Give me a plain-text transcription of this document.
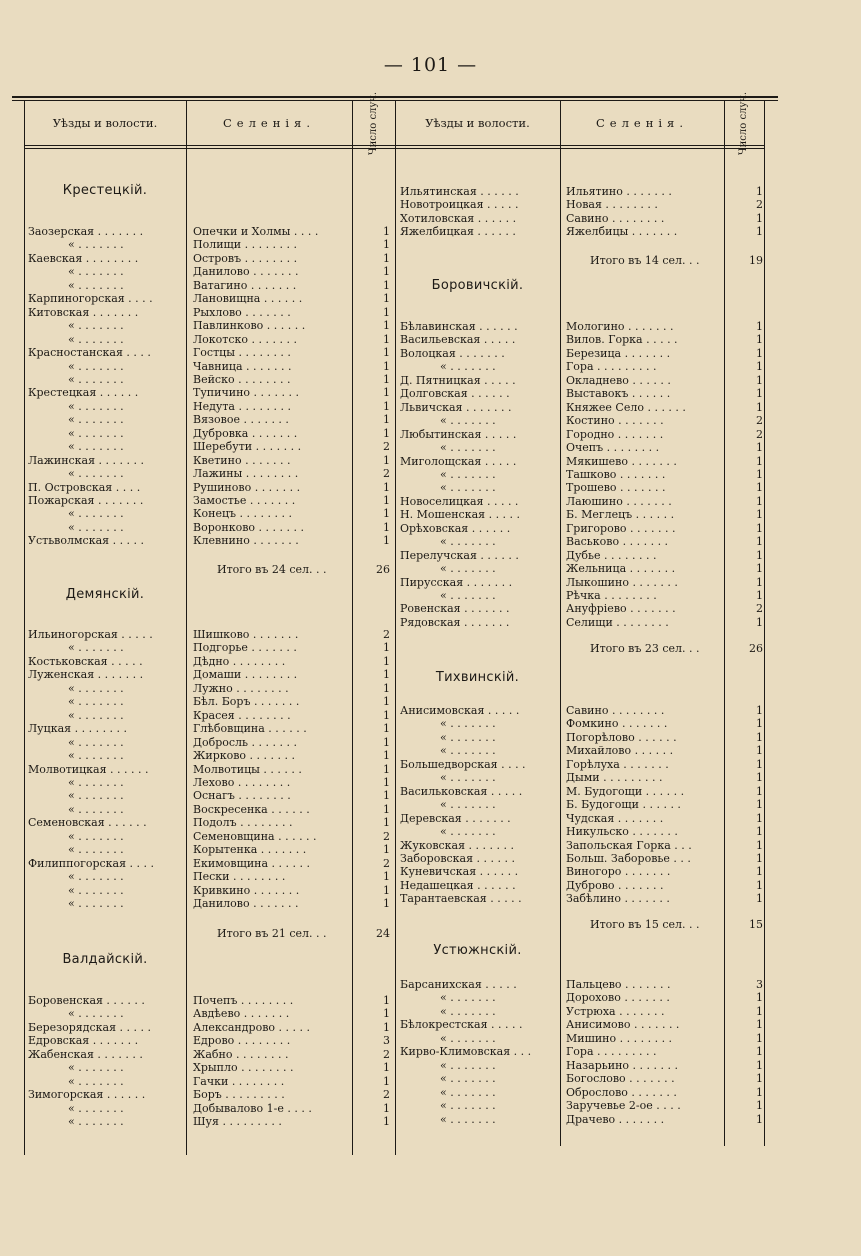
— 101 —
Уѣзды и волости.	Селенія.	Число случ.	Уѣзды и волости.	Селенія.	Число случ.
Крестецкій.
Заозерская . . . . . . .	Опечки и Холмы . . . .	1
« . . . . . . .	Полищи . . . . . . . .	1
Каевская . . . . . . . .	Островъ . . . . . . . .	1
« . . . . . . .	Данилово . . . . . . .	1
« . . . . . . .	Ватагино . . . . . . .	1
Карпиногорская . . . .	Лановищна . . . . . .	1
Китовская . . . . . . .	Рыхлово . . . . . . .	1
« . . . . . . .	Павлинково . . . . . .	1
« . . . . . . .	Локотско . . . . . . .	1
Красностанская . . . .	Гостцы . . . . . . . .	1
« . . . . . . .	Чавница . . . . . . .	1
« . . . . . . .	Вейско . . . . . . . .	1
Крестецкая . . . . . .	Тупичино . . . . . . .	1
« . . . . . . .	Недута . . . . . . . .	1
« . . . . . . .	Вязовое . . . . . . .	1
« . . . . . . .	Дубровка . . . . . . .	1
« . . . . . . .	Шеребути . . . . . . .	2
Лажинская . . . . . . .	Кветино . . . . . . .	1
« . . . . . . .	Лажины . . . . . . . .	2
П. Островская . . . .	Рушиново . . . . . . .	1
Пожарская . . . . . . .	Замостье . . . . . . .	1
« . . . . . . .	Конецъ . . . . . . . .	1
« . . . . . . .	Воронково . . . . . . .	1
Устьволмская . . . . .	Клевнино . . . . . . .	1
Итого въ 24 сел. . .	26
Демянскій.
Ильиногорская . . . . .	Шишково . . . . . . .	2
« . . . . . . .	Подгорье . . . . . . .	1
Костьковская . . . . .	Дѣдно . . . . . . . .	1
Луженская . . . . . . .	Домаши . . . . . . . .	1
« . . . . . . .	Лужно . . . . . . . .	1
« . . . . . . .	Бѣл. Боръ . . . . . . .	1
« . . . . . . .	Красея . . . . . . . .	1
Луцкая . . . . . . . .	Глѣбовщина . . . . . .	1
« . . . . . . .	Добросль . . . . . . .	1
« . . . . . . .	Жирково . . . . . . .	1
Молвотицкая . . . . . .	Молвотицы . . . . . .	1
« . . . . . . .	Лехово . . . . . . . .	1
« . . . . . . .	Оснагъ . . . . . . . .	1
« . . . . . . .	Воскресенка . . . . . .	1
Семеновская . . . . . .	Подолъ . . . . . . . .	1
« . . . . . . .	Семеновщина . . . . . .	2
« . . . . . . .	Корытенка . . . . . . .	1
Филиппогорская . . . .	Екимовщина . . . . . .	2
« . . . . . . .	Пески . . . . . . . .	1
« . . . . . . .	Кривкино . . . . . . .	1
« . . . . . . .	Данилово . . . . . . .	1
Итого въ 21 сел. . .	24
Валдайскій.
Боровенская . . . . . .	Почепъ . . . . . . . .	1
« . . . . . . .	Авдѣево . . . . . . .	1
Березорядская . . . . .	Александрово . . . . .	1
Едровская . . . . . . .	Едрово . . . . . . . .	3
Жабенская . . . . . . .	Жабно . . . . . . . .	2
« . . . . . . .	Хрыпло . . . . . . . .	1
« . . . . . . .	Гачки . . . . . . . .	1
Зимогорская . . . . . .	Боръ . . . . . . . . .	2
« . . . . . . .	Добывалово 1-е . . . .	1
« . . . . . . .	Шуя . . . . . . . . .	1
Ильятинская . . . . . .	Ильятино . . . . . . .	1
Новотроицкая . . . . .	Новая . . . . . . . .	2
Хотиловская . . . . . .	Савино . . . . . . . .	1
Яжелбицкая . . . . . .	Яжелбицы . . . . . . .	1
Итого въ 14 сел. . .	19
Боровичскій.
Бѣлавинская . . . . . .	Мологино . . . . . . .	1
Васильевская . . . . .	Вилов. Горка . . . . .	1
Волоцкая . . . . . . .	Березица . . . . . . .	1
« . . . . . . .	Гора . . . . . . . . .	1
Д. Пятницкая . . . . .	Окладнево . . . . . .	1
Долговская . . . . . .	Выставокъ . . . . . .	1
Львичская . . . . . . .	Княжее Село . . . . . .	1
« . . . . . . .	Костино . . . . . . .	2
Любытинская . . . . .	Городно . . . . . . .	2
« . . . . . . .	Очепъ . . . . . . . .	1
Миголощская . . . . .	Мякишево . . . . . . .	1
« . . . . . . .	Ташково . . . . . . .	1
« . . . . . . .	Трошево . . . . . . .	1
Новоселицкая . . . . .	Лаюшино . . . . . . .	1
Н. Мошенская . . . . .	Б. Меглецъ . . . . . .	1
Орѣховская . . . . . .	Григорово . . . . . . .	1
« . . . . . . .	Васьково . . . . . . .	1
Перелучская . . . . . .	Дубье . . . . . . . .	1
« . . . . . . .	Жельница . . . . . . .	1
Пирусская . . . . . . .	Лыкошино . . . . . . .	1
« . . . . . . .	Рѣчка . . . . . . . .	1
Ровенская . . . . . . .	Ануфріево . . . . . . .	2
Рядовская . . . . . . .	Селищи . . . . . . . .	1
Итого въ 23 сел. . .	26
Тихвинскій.
Анисимовская . . . . .	Савино . . . . . . . .	1
« . . . . . . .	Фомкино . . . . . . .	1
« . . . . . . .	Погорѣлово . . . . . .	1
« . . . . . . .	Михайлово . . . . . .	1
Большедворская . . . .	Горѣлуха . . . . . . .	1
« . . . . . . .	Дыми . . . . . . . . .	1
Васильковская . . . . .	М. Будогощи . . . . . .	1
« . . . . . . .	Б. Будогощи . . . . . .	1
Деревская . . . . . . .	Чудская . . . . . . .	1
« . . . . . . .	Никульско . . . . . . .	1
Жуковская . . . . . . .	Запольская Горка . . .	1
Заборовская . . . . . .	Больш. Заборовье . . .	1
Куневичская . . . . . .	Виногоро . . . . . . .	1
Недашецкая . . . . . .	Дуброво . . . . . . .	1
Тарантаевская . . . . .	Забѣлино . . . . . . .	1
Итого въ 15 сел. . .	15
Устюжнскій.
Барсанихская . . . . .	Пальцево . . . . . . .	3
« . . . . . . .	Дорохово . . . . . . .	1
« . . . . . . .	Устрюха . . . . . . .	1
Бѣлокрестская . . . . .	Анисимово . . . . . . .	1
« . . . . . . .	Мишино . . . . . . . .	1
Кирво-Климовская . . .	Гора . . . . . . . . .	1
« . . . . . . .	Назарьино . . . . . . .	1
« . . . . . . .	Богослово . . . . . . .	1
« . . . . . . .	Оброслово . . . . . . .	1
« . . . . . . .	Заручевье 2-ое . . . .	1
« . . . . . . .	Драчево . . . . . . .	1
